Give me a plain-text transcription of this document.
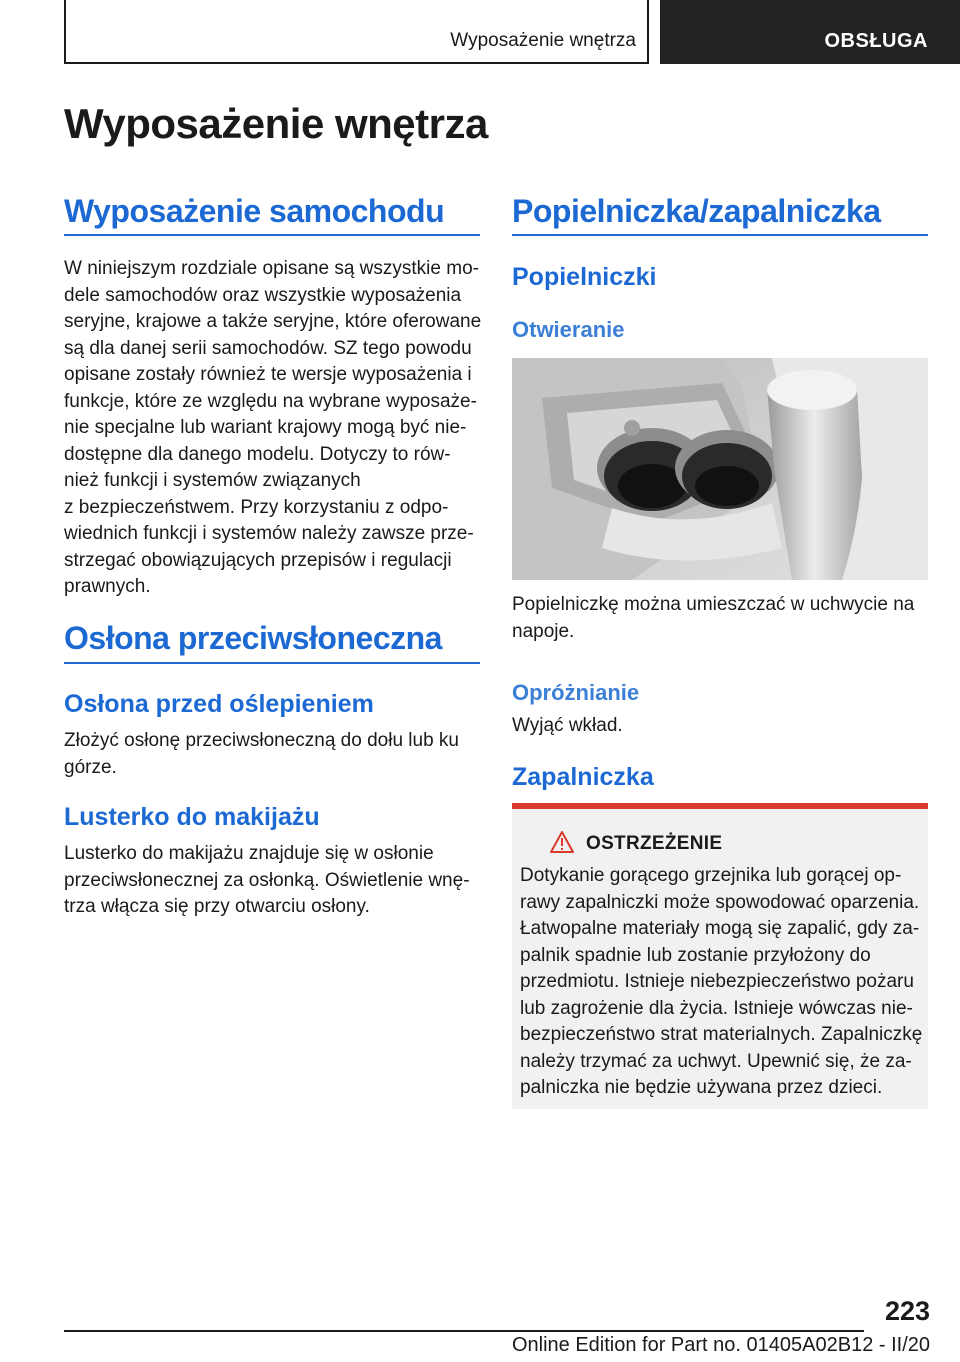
Wyposażenie wnętrza	OBSŁUGA
Wyposażenie wnętrza
Wyposażenie samochodu
W niniejszym rozdziale opisane są wszystkie mo‐
dele samochodów oraz wszystkie wyposażenia
seryjne, krajowe a także seryjne, które oferowane
są dla danej serii samochodów. SZ tego powodu
opisane zostały również te wersje wyposażenia i
funkcje, które ze względu na wybrane wyposaże‐
nie specjalne lub wariant krajowy mogą być nie‐
dostępne dla danego modelu. Dotyczy to rów‐
nież funkcji i systemów związanych
z bezpieczeństwem. Przy korzystaniu z odpo‐
wiednich funkcji i systemów należy zawsze prze‐
strzegać obowiązujących przepisów i regulacji
prawnych.
Osłona przeciwsłoneczna
Osłona przed oślepieniem
Złożyć osłonę przeciwsłoneczną do dołu lub ku
górze.
Lusterko do makijażu
Lusterko do makijażu znajduje się w osłonie
przeciwsłonecznej za osłonką. Oświetlenie wnę‐
trza włącza się przy otwarciu osłony.
Popielniczka/zapalniczka
Popielniczki
Otwieranie
Popielniczkę można umieszczać w uchwycie na
napoje.
Opróżnianie
Wyjąć wkład.
Zapalniczka
OSTRZEŻENIE
Dotykanie gorącego grzejnika lub gorącej op‐
rawy zapalniczki może spowodować oparzenia.
Łatwopalne materiały mogą się zapalić, gdy za‐
palnik spadnie lub zostanie przyłożony do
przedmiotu. Istnieje niebezpieczeństwo pożaru
lub zagrożenie dla życia. Istnieje wówczas nie‐
bezpieczeństwo strat materialnych. Zapalniczkę
należy trzymać za uchwyt. Upewnić się, że za‐
palniczka nie będzie używana przez dzieci.
223
Online Edition for Part no. 01405A02B12 - II/20
